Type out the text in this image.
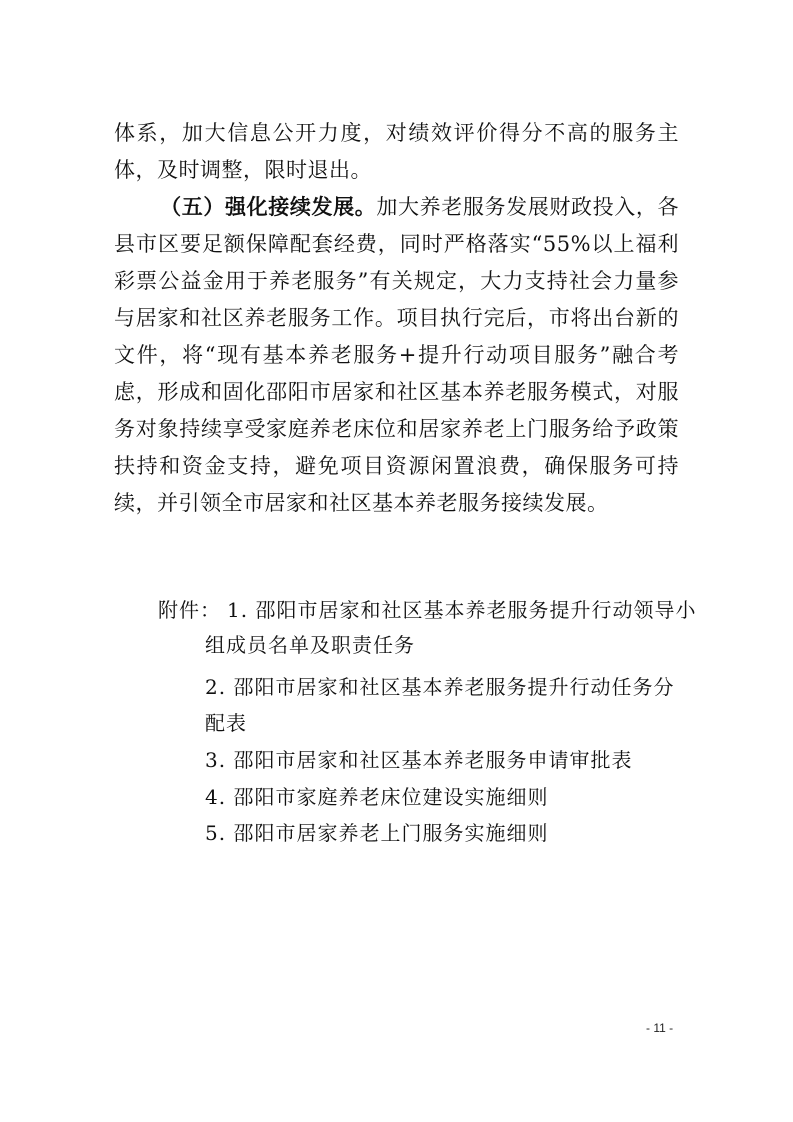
体系，加大信息公开力度，对绩效评价得分不高的服务主体，及时调整，限时退出。

（五）强化接续发展。加大养老服务发展财政投入，各县市区要足额保障配套经费，同时严格落实“55%以上福利彩票公益金用于养老服务”有关规定，大力支持社会力量参与居家和社区养老服务工作。项目执行完后，市将出台新的文件，将“现有基本养老服务+提升行动项目服务”融合考虑，形成和固化邵阳市居家和社区基本养老服务模式，对服务对象持续享受家庭养老床位和居家养老上门服务给予政策扶持和资金支持，避免项目资源闲置浪费，确保服务可持续，并引领全市居家和社区基本养老服务接续发展。

附件： 1. 邵阳市居家和社区基本养老服务提升行动领导小
组成员名单及职责任务
2. 邵阳市居家和社区基本养老服务提升行动任务分
配表
3. 邵阳市居家和社区基本养老服务申请审批表
4. 邵阳市家庭养老床位建设实施细则
5. 邵阳市居家养老上门服务实施细则
- 11 -
